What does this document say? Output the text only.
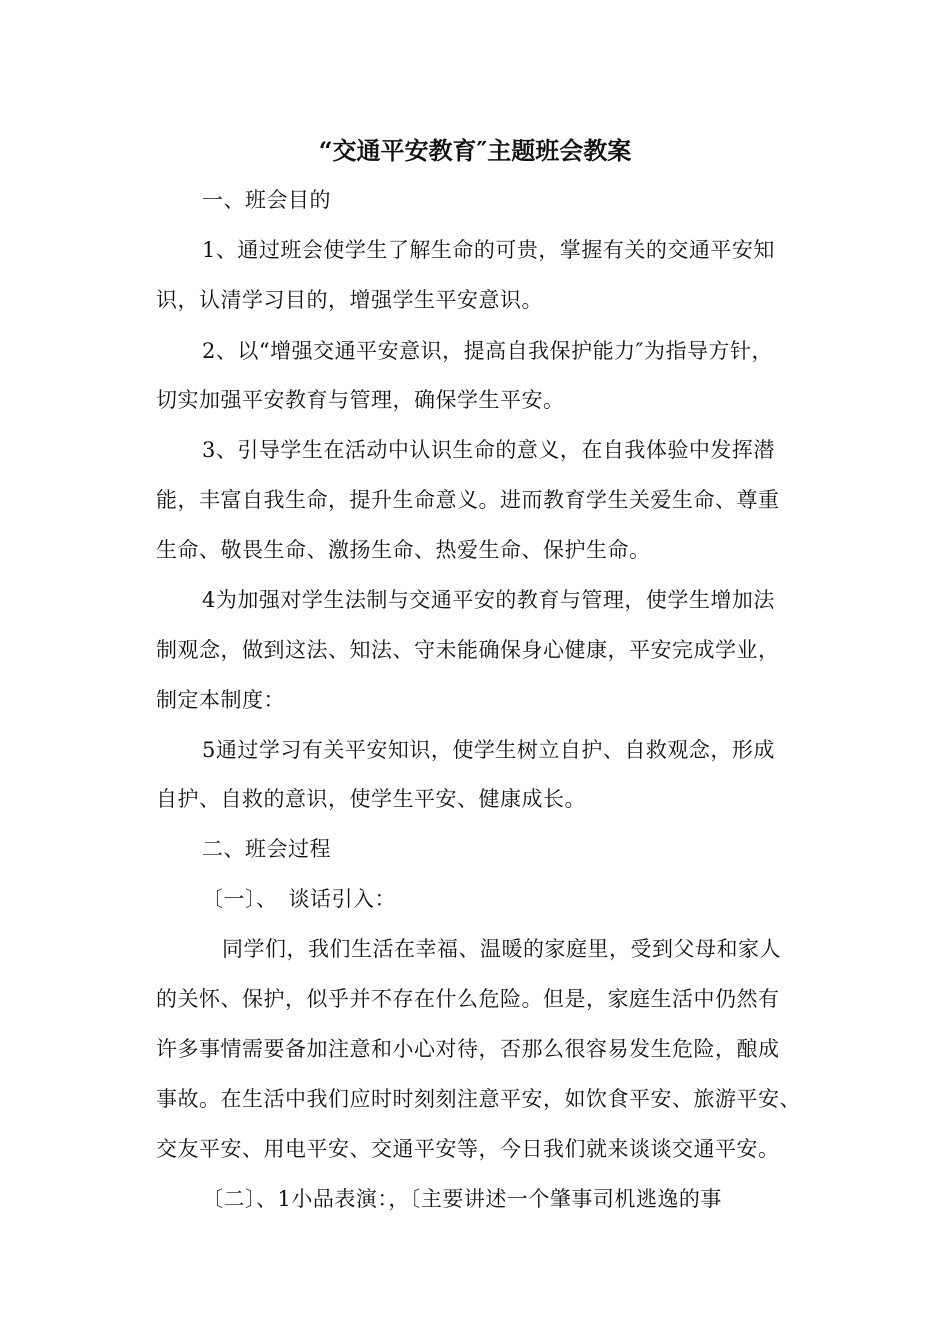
“交通平安教育″主题班会教案
一、班会目的
1、通过班会使学生了解生命的可贵，掌握有关的交通平安知
识，认清学习目的，增强学生平安意识。
2、以“增强交通平安意识，提高自我保护能力″为指导方针，
切实加强平安教育与管理，确保学生平安。
3、引导学生在活动中认识生命的意义，在自我体验中发挥潜
能，丰富自我生命，提升生命意义。进而教育学生关爱生命、尊重
生命、敬畏生命、激扬生命、热爱生命、保护生命。
4为加强对学生法制与交通平安的教育与管理，使学生增加法
制观念，做到这法、知法、守未能确保身心健康，平安完成学业，
制定本制度：
5通过学习有关平安知识，使学生树立自护、自救观念，形成
自护、自救的意识，使学生平安、健康成长。
二、班会过程
〔一〕、　谈话引入：
同学们，我们生活在幸福、温暖的家庭里，受到父母和家人
的关怀、保护，似乎并不存在什么危险。但是，家庭生活中仍然有
许多事情需要备加注意和小心对待，否那么很容易发生危险，酿成
事故。在生活中我们应时时刻刻注意平安，如饮食平安、旅游平安、
交友平安、用电平安、交通平安等，今日我们就来谈谈交通平安。
〔二〕、1小品表演：，〔主要讲述一个肇事司机逃逸的事
